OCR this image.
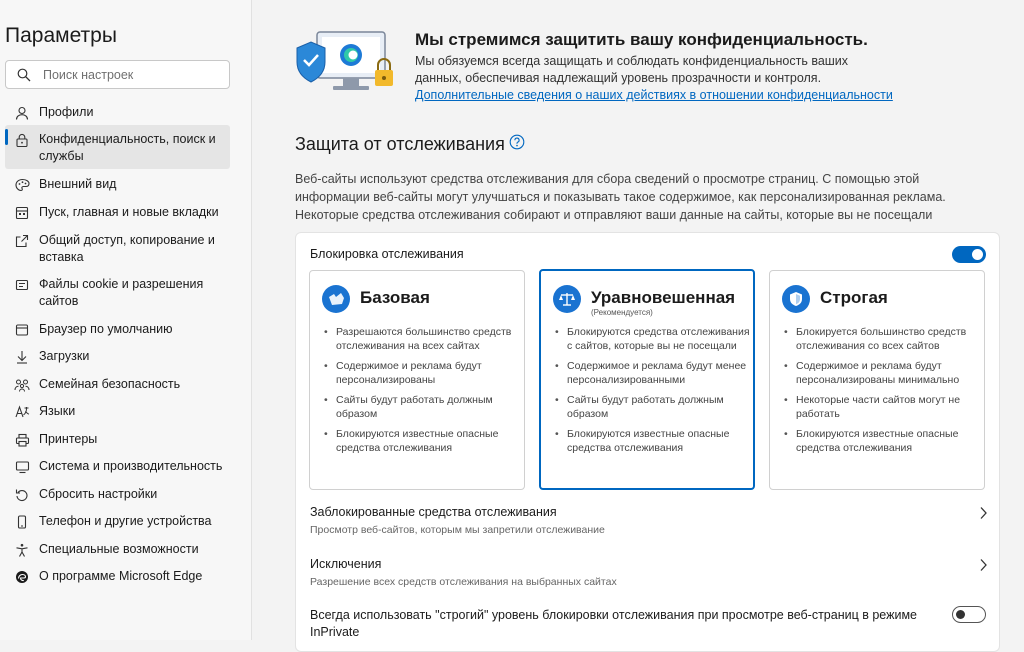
Параметры
Поиск настроек
Профили
Конфиденциальность, поиск и службы
Внешний вид
Пуск, главная и новые вкладки
Общий доступ, копирование и вставка
Файлы cookie и разрешения сайтов
Браузер по умолчанию
Загрузки
Семейная безопасность
Языки
Принтеры
Система и производительность
Сбросить настройки
Телефон и другие устройства
Специальные возможности
О программе Microsoft Edge
Мы стремимся защитить вашу конфиденциальность.
Мы обязуемся всегда защищать и соблюдать конфиденциальность ваших данных, обеспечивая надлежащий уровень прозрачности и контроля.
Дополнительные сведения о наших действиях в отношении конфиденциальности
Защита от отслеживания
Веб-сайты используют средства отслеживания для сбора сведений о просмотре страниц. С помощью этой информации веб-сайты могут улучшаться и показывать такое содержимое, как персонализированная реклама. Некоторые средства отслеживания собирают и отправляют ваши данные на сайты, которые вы не посещали
Блокировка отслеживания
Базовая
• Разрешаются большинство средств отслеживания на всех сайтах
• Содержимое и реклама будут персонализированы
• Сайты будут работать должным образом
• Блокируются известные опасные средства отслеживания
Уравновешенная
(Рекомендуется)
• Блокируются средства отслеживания с сайтов, которые вы не посещали
• Содержимое и реклама будут менее персонализированными
• Сайты будут работать должным образом
• Блокируются известные опасные средства отслеживания
Строгая
• Блокируется большинство средств отслеживания со всех сайтов
• Содержимое и реклама будут персонализированы минимально
• Некоторые части сайтов могут не работать
• Блокируются известные опасные средства отслеживания
Заблокированные средства отслеживания
Просмотр веб-сайтов, которым мы запретили отслеживание
Исключения
Разрешение всех средств отслеживания на выбранных сайтах
Всегда использовать "строгий" уровень блокировки отслеживания при просмотре веб-страниц в режиме InPrivate
